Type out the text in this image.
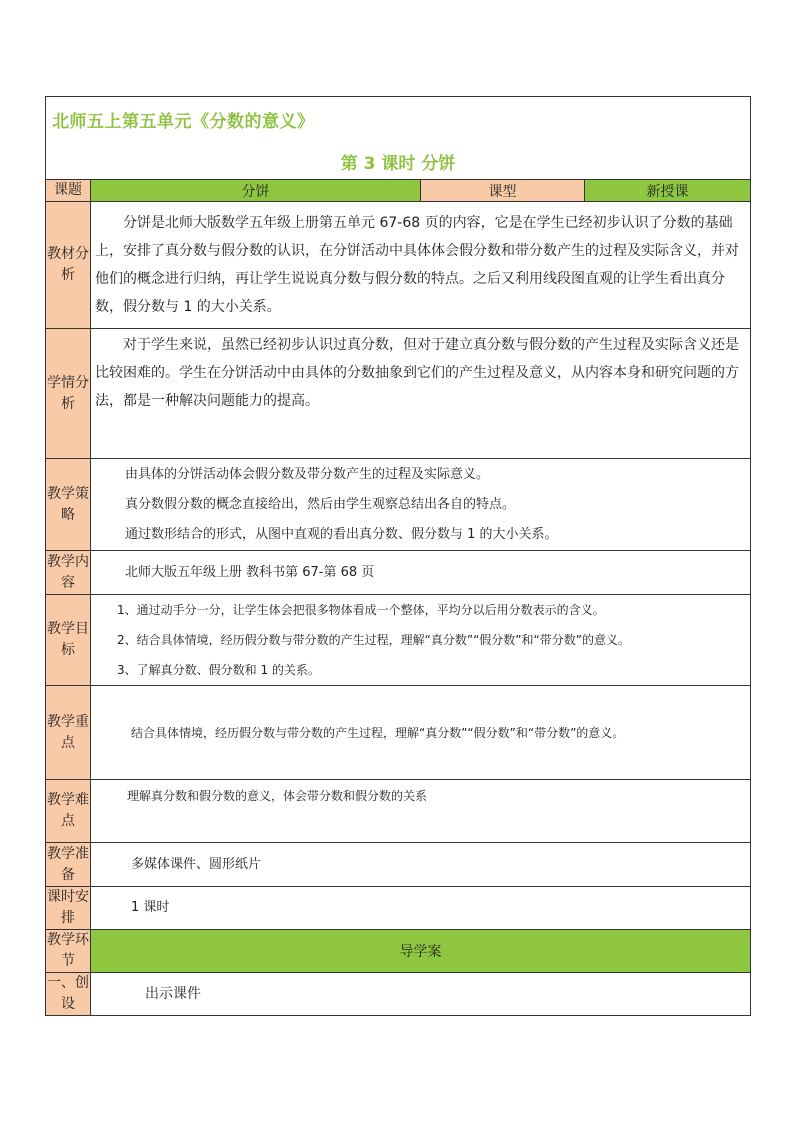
北师五上第五单元《分数的意义》
第 3 课时 分饼			

课题	分饼	课型	新授课
教材分析	分饼是北师大版数学五年级上册第五单元 67-68 页的内容，它是在学生已经初步认识了分数的基础上，安排了真分数与假分数的认识，在分饼活动中具体体会假分数和带分数产生的过程及实际含义，并对他们的概念进行归纳，再让学生说说真分数与假分数的特点。之后又利用线段图直观的让学生看出真分数，假分数与 1 的大小关系。		

学情分析	对于学生来说，虽然已经初步认识过真分数，但对于建立真分数与假分数的产生过程及实际含义还是比较困难的。学生在分饼活动中由具体的分数抽象到它们的产生过程及意义，从内容本身和研究问题的方法，都是一种解决问题能力的提高。		

教学策略	由具体的分饼活动体会假分数及带分数产生的过程及实际意义。
真分数假分数的概念直接给出，然后由学生观察总结出各自的特点。
通过数形结合的形式，从图中直观的看出真分数、假分数与 1 的大小关系。		

教学内容	北师大版五年级上册 教科书第 67-第 68 页		

教学目标	1、通过动手分一分，让学生体会把很多物体看成一个整体，平均分以后用分数表示的含义。
2、结合具体情境，经历假分数与带分数的产生过程，理解“真分数”“假分数”和“带分数”的意义。
3、了解真分数、假分数和 1 的关系。		

教学重点	结合具体情境，经历假分数与带分数的产生过程，理解“真分数”“假分数”和“带分数”的意义。		

教学难点	理解真分数和假分数的意义，体会带分数和假分数的关系		

教学准备	多媒体课件、圆形纸片		

课时安排	1 课时		

教学环节	导学案		
一、创设	出示课件		
